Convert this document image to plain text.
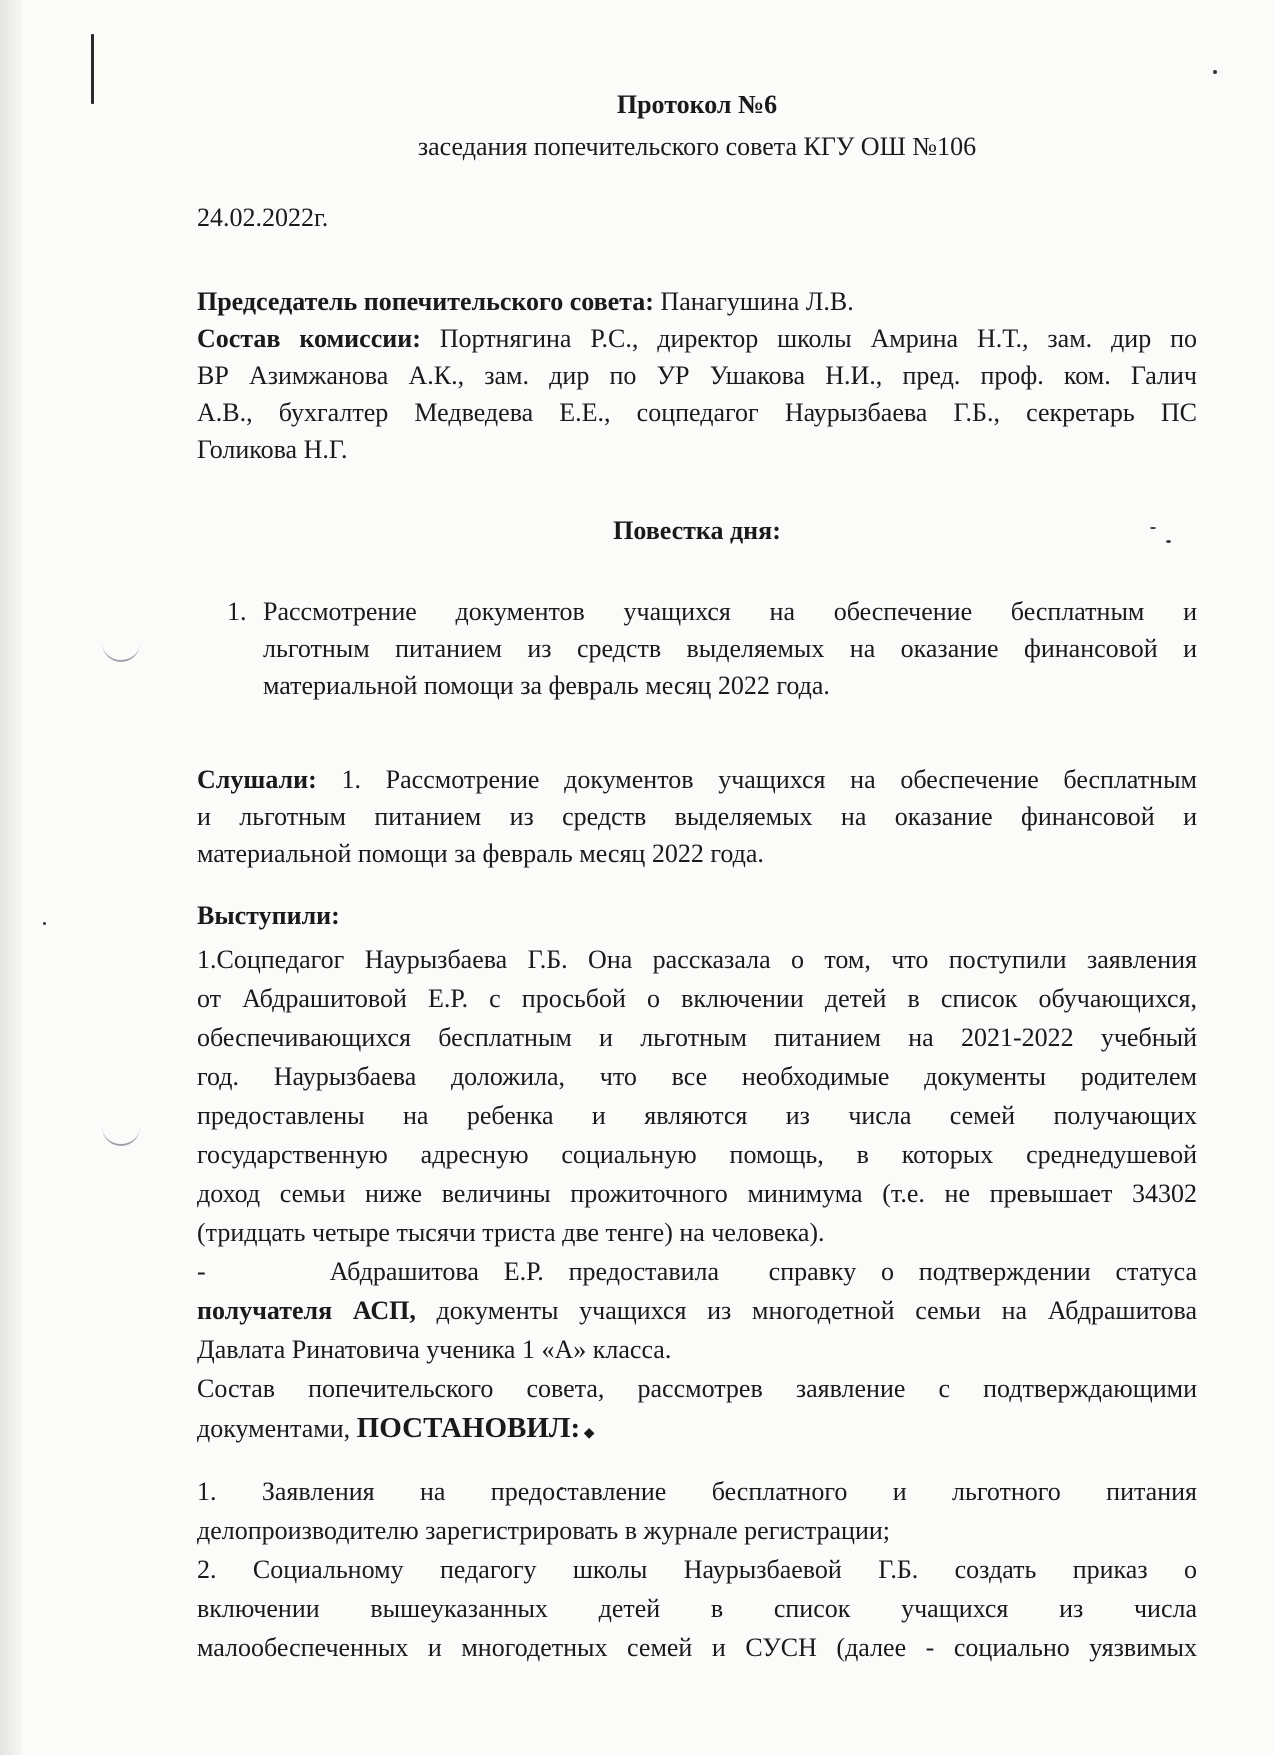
Протокол №6
заседания попечительского совета КГУ ОШ №106
24.02.2022г.
Председатель попечительского совета: Панагушина Л.В.
Состав комиссии: Портнягина Р.С., директор школы Амрина Н.Т., зам. дир по
ВР Азимжанова А.К., зам. дир по УР Ушакова Н.И., пред. проф. ком. Галич
А.В., бухгалтер Медведева Е.Е., соцпедагог Наурызбаева Г.Б., секретарь ПС
Голикова Н.Г.
Повестка дня:
1. Рассмотрение документов учащихся на обеспечение бесплатным и
льготным питанием из средств выделяемых на оказание финансовой и
материальной помощи за февраль месяц 2022 года.
Слушали: 1. Рассмотрение документов учащихся на обеспечение бесплатным
и льготным питанием из средств выделяемых на оказание финансовой и
материальной помощи за февраль месяц 2022 года.
Выступили:
1.Соцпедагог Наурызбаева Г.Б. Она рассказала о том, что поступили заявления
от Абдрашитовой Е.Р. с просьбой о включении детей в список обучающихся,
обеспечивающихся бесплатным и льготным питанием на 2021-2022 учебный
год. Наурызбаева доложила, что все необходимые документы родителем
предоставлены на ребенка и являются из числа семей получающих
государственную адресную социальную помощь, в которых среднедушевой
доход семьи ниже величины прожиточного минимума (т.е. не превышает 34302
(тридцать четыре тысячи триста две тенге) на человека).
-     Абдрашитова Е.Р. предоставила  справку о подтверждении статуса
получателя АСП, документы учащихся из многодетной семьи на Абдрашитова
Давлата Ринатовича ученика 1 «А» класса.
Состав попечительского совета, рассмотрев заявление с подтверждающими
документами, ПОСТАНОВИЛ: ◆
1.   Заявления   на   предоставление   бесплатного   и   льготного   питания
делопроизводителю зарегистрировать в журнале регистрации;
2. Социальному педагогу школы Наурызбаевой Г.Б. создать приказ о
включении вышеуказанных детей в список учащихся из числа
малообеспеченных и многодетных семей и СУСН (далее - социально уязвимых
